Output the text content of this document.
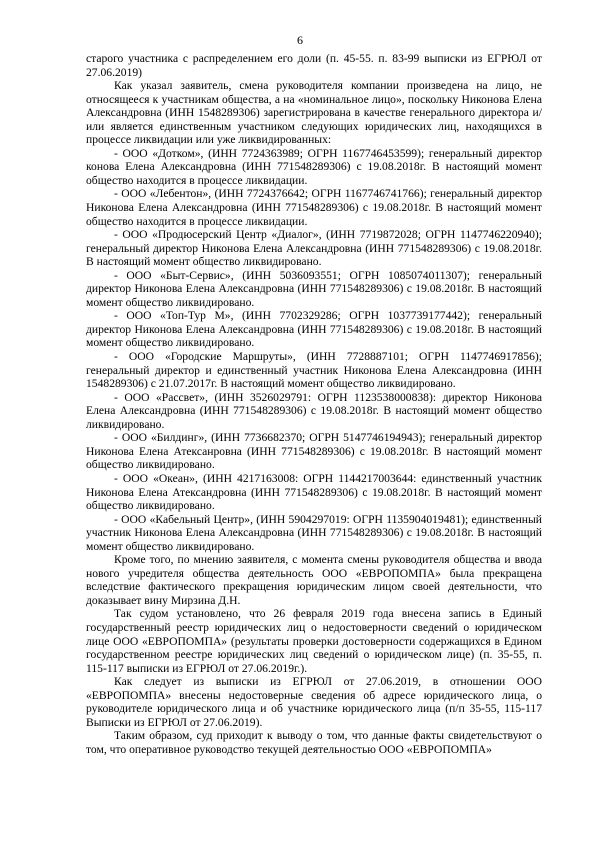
6

старого участника с распределением его доли (п. 45-55. п. 83-99 выписки из ЕГРЮЛ от 27.06.2019)

Как указал заявитель, смена руководителя компании произведена на лицо, не относящееся к участникам общества, а на «номинальное лицо», поскольку Никонова Елена Александровна (ИНН 1548289306) зарегистрирована в качестве генерального директора и/или является единственным участником следующих юридических лиц, находящихся в процессе ликвидации или уже ликвидированных:

- ООО «Дотком», (ИНН 7724363989; ОГРН 1167746453599); генеральный директор конова Елена Александровна (ИНН 771548289306) с 19.08.2018г. В настоящий момент общество находится в процессе ликвидации.

- ООО «Лебентон», (ИНН 7724376642; ОГРН 1167746741766); генеральный директор Никонова Елена Александровна (ИНН 771548289306) с 19.08.2018г. В настоящий момент общество находится в процессе ликвидации.

- ООО «Продюсерский Центр «Диалог», (ИНН 7719872028; ОГРН 1147746220940); генеральный директор Никонова Елена Александровна (ИНН 771548289306) с 19.08.2018г. В настоящий момент общество ликвидировано.

- ООО «Быт-Сервис», (ИНН 5036093551; ОГРН 1085074011307); генеральный директор Никонова Елена Александровна (ИНН 771548289306) с 19.08.2018г. В настоящий момент общество ликвидировано.

- ООО «Топ-Тур М», (ИНН 7702329286; ОГРН 1037739177442); генеральный директор Никонова Елена Александровна (ИНН 771548289306) с 19.08.2018г. В настоящий момент общество ликвидировано.

- ООО «Городские Маршруты», (ИНН 7728887101; ОГРН 1147746917856); генеральный директор и единственный участник Никонова Елена Александровна (ИНН 1548289306) с 21.07.2017г. В настоящий момент общество ликвидировано.

- ООО «Рассвет», (ИНН 3526029791: ОГРН 1123538000838): директор Никонова Елена Александровна (ИНН 771548289306) с 19.08.2018г. В настоящий момент общество ликвидировано.

- ООО «Билдинг», (ИНН 7736682370; ОГРН 5147746194943); генеральный директор Никонова Елена Атексанровна (ИНН 771548289306) с 19.08.2018г. В настоящий момент общество ликвидировано.

- ООО «Океан», (ИНН 4217163008: ОГРН 1144217003644: единственный участник Никонова Елена Атександровна (ИНН 771548289306) с 19.08.2018г. В настоящий момент общество ликвидировано.

- ООО «Кабельный Центр», (ИНН 5904297019: ОГРН 1135904019481); единственный участник Никонова Елена Александровна (ИНН 771548289306) с 19.08.2018г. В настоящий момент общество ликвидировано.

Кроме того, по мнению заявителя, с момента смены руководителя общества и ввода нового учредителя общества деятельность ООО «ЕВРОПОМПА» была прекращена вследствие фактического прекращения юридическим лицом своей деятельности, что доказывает вину Мирзина Д.Н.

Так судом установлено, что 26 февраля 2019 года внесена запись в Единый государственный реестр юридических лиц о недостоверности сведений о юридическом лице ООО «ЕВРОПОМПА» (результаты проверки достоверности содержащихся в Едином государственном реестре юридических лиц сведений о юридическом лице) (п. 35-55, п. 115-117 выписки из ЕГРЮЛ от 27.06.2019г.).

Как следует из выписки из ЕГРЮЛ от 27.06.2019, в отношении ООО «ЕВРОПОМПА» внесены недостоверные сведения об адресе юридического лица, о руководителе юридического лица и об участнике юридического лица (п/п 35-55, 115-117 Выписки из ЕГРЮЛ от 27.06.2019).

Таким образом, суд приходит к выводу о том, что данные факты свидетельствуют о том, что оперативное руководство текущей деятельностью ООО «ЕВРОПОМПА»
